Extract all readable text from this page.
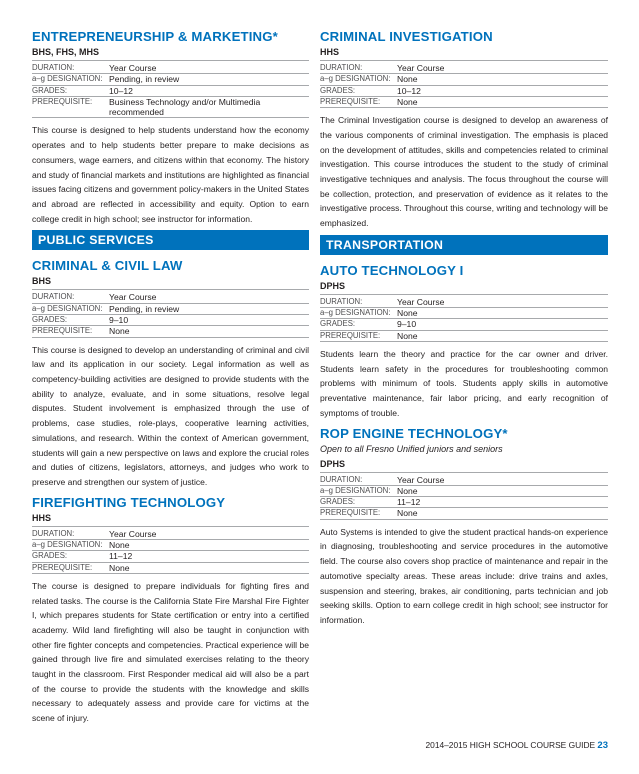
ENTREPRENEURSHIP & MARKETING*
BHS, FHS, MHS
DURATION:	Year Course
a–g DESIGNATION:	Pending, in review
GRADES:	10–12
PREREQUISITE:	Business Technology and/or Multimedia recommended
This course is designed to help students understand how the economy operates and to help students better prepare to make decisions as consumers, wage earners, and citizens within that economy. The history and study of financial markets and institutions are highlighted as financial issues facing citizens and government policy-makers in the United States and abroad are reflected in accessibility and equity. Option to earn college credit in high school; see instructor for information.
PUBLIC SERVICES
CRIMINAL & CIVIL LAW
BHS
DURATION:	Year Course
a–g DESIGNATION:	Pending, in review
GRADES:	9–10
PREREQUISITE:	None
This course is designed to develop an understanding of criminal and civil law and its application in our society. Legal information as well as competency-building activities are designed to provide students with the ability to analyze, evaluate, and in some situations, resolve legal disputes. Student involvement is emphasized through the use of problems, case studies, role-plays, cooperative learning activities, simulations, and research. Within the context of American government, students will gain a new perspective on laws and explore the crucial roles and duties of citizens, legislators, attorneys, and judges who work to preserve and strengthen our system of justice.
FIREFIGHTING TECHNOLOGY
HHS
DURATION:	Year Course
a–g DESIGNATION:	None
GRADES:	11–12
PREREQUISITE:	None
The course is designed to prepare individuals for fighting fires and related tasks. The course is the California State Fire Marshal Fire Fighter I, which prepares students for State certification or entry into a certified academy. Wild land firefighting will also be taught in conjunction with other fire fighter concepts and competencies. Practical experience will be gained through live fire and simulated exercises relating to the theory taught in the classroom. First Responder medical aid will also be a part of the course to provide the students with the knowledge and skills necessary to adequately assess and provide care for victims at the scene of injury.
CRIMINAL INVESTIGATION
HHS
DURATION:	Year Course
a–g DESIGNATION:	None
GRADES:	10–12
PREREQUISITE:	None
The Criminal Investigation course is designed to develop an awareness of the various components of criminal investigation. The emphasis is placed on the development of attitudes, skills and competencies related to criminal investigation. This course introduces the student to the study of criminal investigative techniques and analysis. The focus throughout the course will be collection, protection, and preservation of evidence as it relates to the investigative process. Throughout this course, writing and technology will be emphasized.
TRANSPORTATION
AUTO TECHNOLOGY I
DPHS
DURATION:	Year Course
a–g DESIGNATION:	None
GRADES:	9–10
PREREQUISITE:	None
Students learn the theory and practice for the car owner and driver. Students learn safety in the procedures for troubleshooting common problems with minimum of tools. Students apply skills in automotive preventative maintenance, fair labor pricing, and early recognition of symptoms of trouble.
ROP ENGINE TECHNOLOGY*
Open to all Fresno Unified juniors and seniors
DPHS
DURATION:	Year Course
a–g DESIGNATION:	None
GRADES:	11–12
PREREQUISITE:	None
Auto Systems is intended to give the student practical hands-on experience in diagnosing, troubleshooting and service procedures in the automotive field. The course also covers shop practice of maintenance and repair in the automotive specialty areas. These areas include: drive trains and axles, suspension and steering, brakes, air conditioning, parts technician and job seeking skills. Option to earn college credit in high school; see instructor for information.
2014–2015 HIGH SCHOOL COURSE GUIDE 23
